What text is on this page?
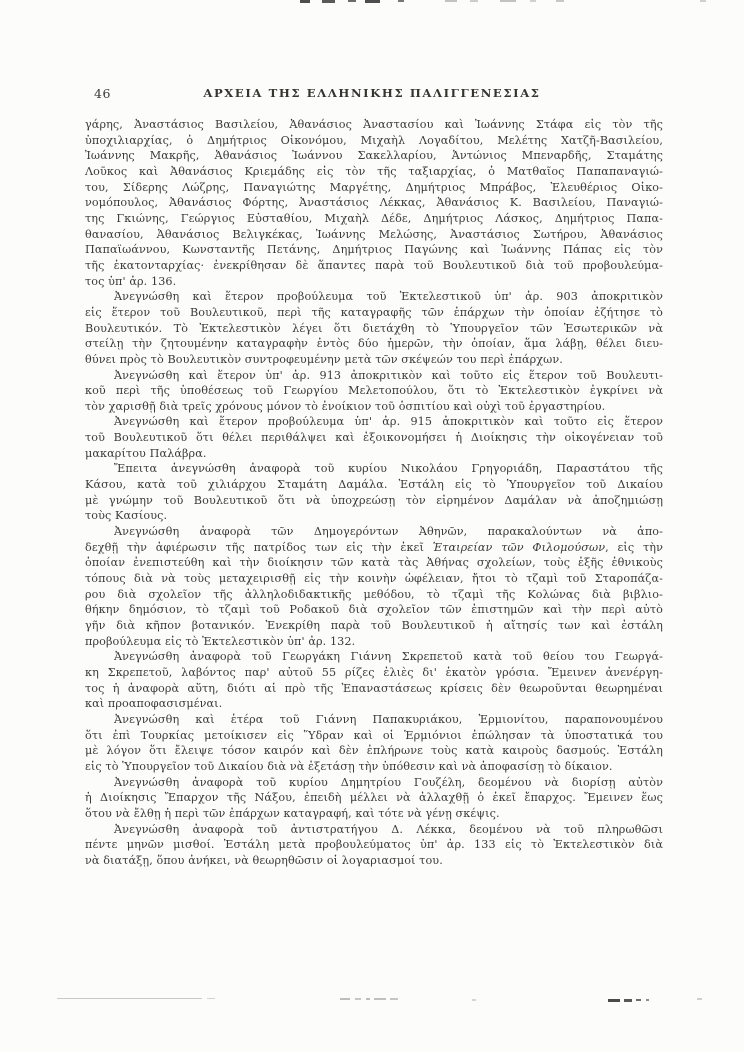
46	ΑΡΧΕΙΑ ΤΗΣ ΕΛΛΗΝΙΚΗΣ ΠΑΛΙΓΓΕΝΕΣΙΑΣ
γάρης, Ἀναστάσιος Βασιλείου, Ἀθανάσιος Ἀναστασίου καὶ Ἰωάννης Στάφα εἰς τὸν τῆς
ὑποχιλιαρχίας, ὁ Δημήτριος Οἰκονόμου, Μιχαὴλ Λογαδίτου, Μελέτης Χατζῆ-Βασιλείου,
Ἰωάννης Μακρῆς, Ἀθανάσιος Ἰωάννου Σακελλαρίου, Ἀντώνιος Μπεναρδῆς, Σταμάτης
Λοῦκος καὶ Ἀθανάσιος Κριεμάδης εἰς τὸν τῆς ταξιαρχίας, ὁ Ματθαῖος Παπαπαναγιώ-
του, Σίδερης Λώζρης, Παναγιώτης Μαργέτης, Δημήτριος Μπράβος, Ἐλευθέριος Οἰκο-
νομόπουλος, Ἀθανάσιος Φόρτης, Ἀναστάσιος Λέκκας, Ἀθανάσιος Κ. Βασιλείου, Παναγιώ-
της Γκιώνης, Γεώργιος Εὐσταθίου, Μιχαὴλ Δέδε, Δημήτριος Λάσκος, Δημήτριος Παπα-
θανασίου, Ἀθανάσιος Βελιγκέκας, Ἰωάννης Μελώσης, Ἀναστάσιος Σωτήρου, Ἀθανάσιος
Παπαϊωάννου, Κωνσταντῆς Πετάνης, Δημήτριος Παγώνης καὶ Ἰωάννης Πάπας εἰς τὸν
τῆς ἑκατονταρχίας· ἐνεκρίθησαν δὲ ἅπαντες παρὰ τοῦ Βουλευτικοῦ διὰ τοῦ προβουλεύμα-
τος ὑπ' ἀρ. 136.
Ἀνεγνώσθη καὶ ἕτερον προβούλευμα τοῦ Ἐκτελεστικοῦ ὑπ' ἀρ. 903 ἀποκριτικὸν
εἰς ἕτερον τοῦ Βουλευτικοῦ, περὶ τῆς καταγραφῆς τῶν ἐπάρχων τὴν ὁποίαν ἐζήτησε τὸ
Βουλευτικόν. Τὸ Ἐκτελεστικὸν λέγει ὅτι διετάχθη τὸ Ὑπουργεῖον τῶν Ἐσωτερικῶν νὰ
στείλῃ τὴν ζητουμένην καταγραφὴν ἐντὸς δύο ἡμερῶν, τὴν ὁποίαν, ἅμα λάβῃ, θέλει διευ-
θύνει πρὸς τὸ Βουλευτικὸν συντροφευμένην μετὰ τῶν σκέψεών του περὶ ἐπάρχων.
Ἀνεγνώσθη καὶ ἕτερον ὑπ' ἀρ. 913 ἀποκριτικὸν καὶ τοῦτο εἰς ἕτερον τοῦ Βουλευτι-
κοῦ περὶ τῆς ὑποθέσεως τοῦ Γεωργίου Μελετοπούλου, ὅτι τὸ Ἐκτελεστικὸν ἐγκρίνει νὰ
τὸν χαρισθῇ διὰ τρεῖς χρόνους μόνον τὸ ἐνοίκιον τοῦ ὁσπιτίου καὶ οὐχὶ τοῦ ἐργαστηρίου.
Ἀνεγνώσθη καὶ ἕτερον προβούλευμα ὑπ' ἀρ. 915 ἀποκριτικὸν καὶ τοῦτο εἰς ἕτερον
τοῦ Βουλευτικοῦ ὅτι θέλει περιθάλψει καὶ ἐξοικονομήσει ἡ Διοίκησις τὴν οἰκογένειαν τοῦ
μακαρίτου Παλάβρα.
Ἔπειτα ἀνεγνώσθη ἀναφορὰ τοῦ κυρίου Νικολάου Γρηγοριάδη, Παραστάτου τῆς
Κάσου, κατὰ τοῦ χιλιάρχου Σταμάτη Δαμάλα. Ἐστάλη εἰς τὸ Ὑπουργεῖον τοῦ Δικαίου
μὲ γνώμην τοῦ Βουλευτικοῦ ὅτι νὰ ὑποχρεώσῃ τὸν εἰρημένον Δαμάλαν νὰ ἀποζημιώσῃ
τοὺς Κασίους.
Ἀνεγνώσθη ἀναφορὰ τῶν Δημογερόντων Ἀθηνῶν, παρακαλούντων νὰ ἀπο-
δεχθῇ τὴν ἀφιέρωσιν τῆς πατρίδος των εἰς τὴν ἐκεῖ Ἑταιρείαν τῶν Φιλομούσων, εἰς τὴν
ὁποίαν ἐνεπιστεύθη καὶ τὴν διοίκησιν τῶν κατὰ τὰς Ἀθήνας σχολείων, τοὺς ἑξῆς ἐθνικοὺς
τόπους διὰ νὰ τοὺς μεταχειρισθῇ εἰς τὴν κοινὴν ὠφέλειαν, ἤτοι τὸ τζαμὶ τοῦ Σταροπάζα-
ρου διὰ σχολεῖον τῆς ἀλληλοδιδακτικῆς μεθόδου, τὸ τζαμὶ τῆς Κολώνας διὰ βιβλιο-
θήκην δημόσιον, τὸ τζαμὶ τοῦ Ροδακοῦ διὰ σχολεῖον τῶν ἐπιστημῶν καὶ τὴν περὶ αὐτὸ
γῆν διὰ κῆπον βοτανικόν. Ἐνεκρίθη παρὰ τοῦ Βουλευτικοῦ ἡ αἴτησίς των καὶ ἐστάλη
προβούλευμα εἰς τὸ Ἐκτελεστικὸν ὑπ' ἀρ. 132.
Ἀνεγνώσθη ἀναφορὰ τοῦ Γεωργάκη Γιάννη Σκρεπετοῦ κατὰ τοῦ θείου του Γεωργά-
κη Σκρεπετοῦ, λαβόντος παρ' αὐτοῦ 55 ρίζες ἐλιὲς δι' ἑκατὸν γρόσια. Ἔμεινεν ἀνενέργη-
τος ἡ ἀναφορὰ αὕτη, διότι αἱ πρὸ τῆς Ἐπαναστάσεως κρίσεις δὲν θεωροῦνται θεωρημέναι
καὶ προαποφασισμέναι.
Ἀνεγνώσθη καὶ ἑτέρα τοῦ Γιάννη Παπακυριάκου, Ἑρμιονίτου, παραπονουμένου
ὅτι ἐπὶ Τουρκίας μετοίκισεν εἰς Ὕδραν καὶ οἱ Ἑρμιόνιοι ἐπώλησαν τὰ ὑποστατικά του
μὲ λόγον ὅτι ἔλειψε τόσον καιρόν καὶ δὲν ἐπλήρωνε τοὺς κατὰ καιροὺς δασμούς. Ἐστάλη
εἰς τὸ Ὑπουργεῖον τοῦ Δικαίου διὰ νὰ ἐξετάσῃ τὴν ὑπόθεσιν καὶ νὰ ἀποφασίσῃ τὸ δίκαιον.
Ἀνεγνώσθη ἀναφορὰ τοῦ κυρίου Δημητρίου Γουζέλη, δεομένου νὰ διορίσῃ αὐτὸν
ἡ Διοίκησις Ἔπαρχον τῆς Νάξου, ἐπειδὴ μέλλει νὰ ἀλλαχθῇ ὁ ἐκεῖ ἔπαρχος. Ἔμεινεν ἕως
ὅτου νὰ ἔλθῃ ἡ περὶ τῶν ἐπάρχων καταγραφή, καὶ τότε νὰ γένῃ σκέψις.
Ἀνεγνώσθη ἀναφορὰ τοῦ ἀντιστρατήγου Δ. Λέκκα, δεομένου νὰ τοῦ πληρωθῶσι
πέντε μηνῶν μισθοί. Ἐστάλη μετὰ προβουλεύματος ὑπ' ἀρ. 133 εἰς τὸ Ἐκτελεστικὸν διὰ
νὰ διατάξῃ, ὅπου ἀνήκει, νὰ θεωρηθῶσιν οἱ λογαριασμοί του.
